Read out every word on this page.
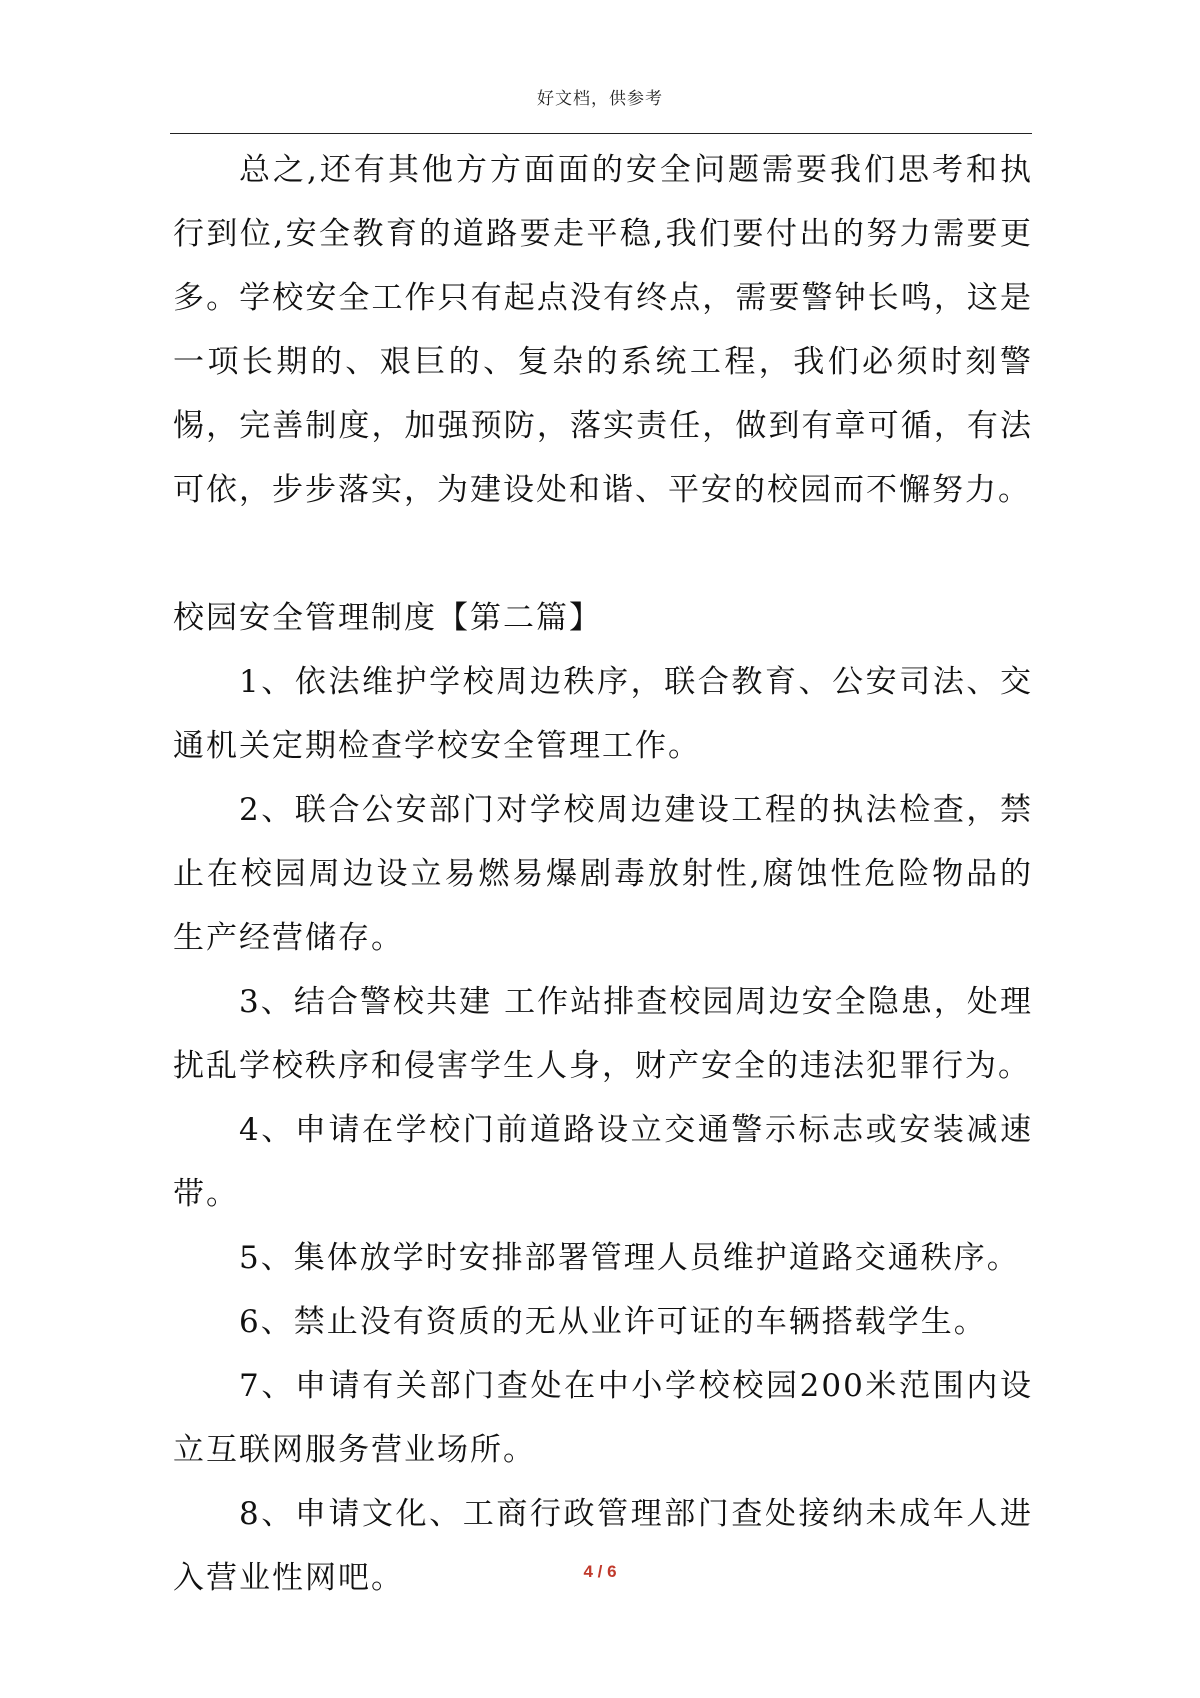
好文档，供参考

总之,还有其他方方面面的安全问题需要我们思考和执行到位,安全教育的道路要走平稳,我们要付出的努力需要更多。学校安全工作只有起点没有终点，需要警钟长鸣，这是一项长期的、艰巨的、复杂的系统工程，我们必须时刻警惕，完善制度，加强预防，落实责任，做到有章可循，有法可依，步步落实，为建设处和谐、平安的校园而不懈努力。

校园安全管理制度【第二篇】

1、依法维护学校周边秩序，联合教育、公安司法、交通机关定期检查学校安全管理工作。

2、联合公安部门对学校周边建设工程的执法检查，禁止在校园周边设立易燃易爆剧毒放射性,腐蚀性危险物品的生产经营储存。

3、结合警校共建 工作站排查校园周边安全隐患，处理扰乱学校秩序和侵害学生人身，财产安全的违法犯罪行为。

4、申请在学校门前道路设立交通警示标志或安装减速带。

5、集体放学时安排部署管理人员维护道路交通秩序。

6、禁止没有资质的无从业许可证的车辆搭载学生。

7、申请有关部门查处在中小学校校园200米范围内设立互联网服务营业场所。

8、申请文化、工商行政管理部门查处接纳未成年人进入营业性网吧。	4 / 6
